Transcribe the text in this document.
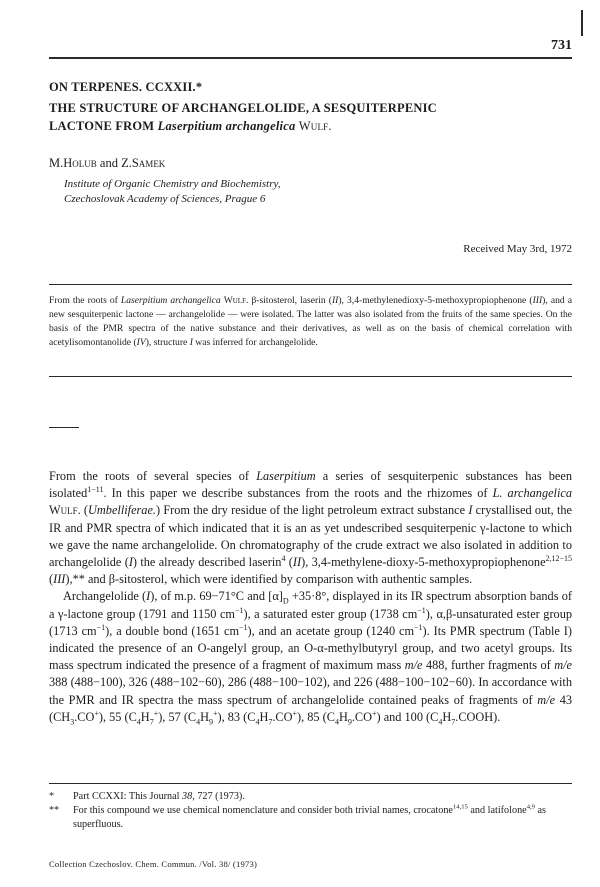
731
ON TERPENES. CCXXII.*
THE STRUCTURE OF ARCHANGELOLIDE, A SESQUITERPENIC
LACTONE FROM Laserpitium archangelica Wulf.
M.Holub and Z.Samek
Institute of Organic Chemistry and Biochemistry,
Czechoslovak Academy of Sciences, Prague 6
Received May 3rd, 1972
From the roots of Laserpitium archangelica Wulf. β-sitosterol, laserin (II), 3,4-methylenedioxy-5-methoxypropiophenone (III), and a new sesquiterpenic lactone — archangelolide — were isolated. The latter was also isolated from the fruits of the same species. On the basis of the PMR spectra of the native substance and their derivatives, as well as on the basis of chemical correlation with acetylisomontanolide (IV), structure I was inferred for archangelolide.

From the roots of several species of Laserpitium a series of sesquiterpenic substances has been isolated$^{1-11}$. In this paper we describe substances from the roots and the rhizomes of L. archangelica Wulf. (Umbelliferae.) From the dry residue of the light petroleum extract substance I crystallised out, the IR and PMR spectra of which indicated that it is an as yet undescribed sesquiterpenic γ-lactone to which we gave the name archangelolide. On chromatography of the crude extract we also isolated in addition to archangelolide (I) the already described laserin$^4$ (II), 3,4-methylene-dioxy-5-methoxypropiophenone$^{2,12-15}$ (III),** and β-sitosterol, which were identified by comparison with authentic samples.

Archangelolide (I), of m.p. 69−71°C and $[\alpha]_D +35\cdot 8^\circ$, displayed in its IR spectrum absorption bands of a γ-lactone group (1791 and 1150 $cm^{-1}$), a saturated ester group (1738 $cm^{-1}$), α,β-unsaturated ester group (1713 $cm^{-1}$), a double bond (1651 $cm^{-1}$), and an acetate group (1240 $cm^{-1}$). Its PMR spectrum (Table I) indicated the presence of an O-angelyl group, an O-α-methylbutyryl group, and two acetyl groups. Its mass spectrum indicated the presence of a fragment of maximum mass m/e 488, further fragments of m/e 388 (488−100), 326 (488−102−60), 286 (488−100−102), and 226 (488−100−102−60). In accordance with the PMR and IR spectra the mass spectrum of archangelolide contained peaks of fragments of m/e 43 $(CH_3.CO^+)$, 55 $(C_4H_7^+)$, 57 $(C_4H_9^+)$, 83 $(C_4H_7.CO^+)$, 85 $(C_4H_9.CO^+)$ and 100 $(C_4H_7.COOH)$.

*	Part CCXXI: This Journal 38, 727 (1973).
**	For this compound we use chemical nomenclature and consider both trivial names, crocatone$^{14,15}$ and latifolone$^{4,9}$ as superfluous.
Collection Czechoslov. Chem. Commun. /Vol. 38/ (1973)
